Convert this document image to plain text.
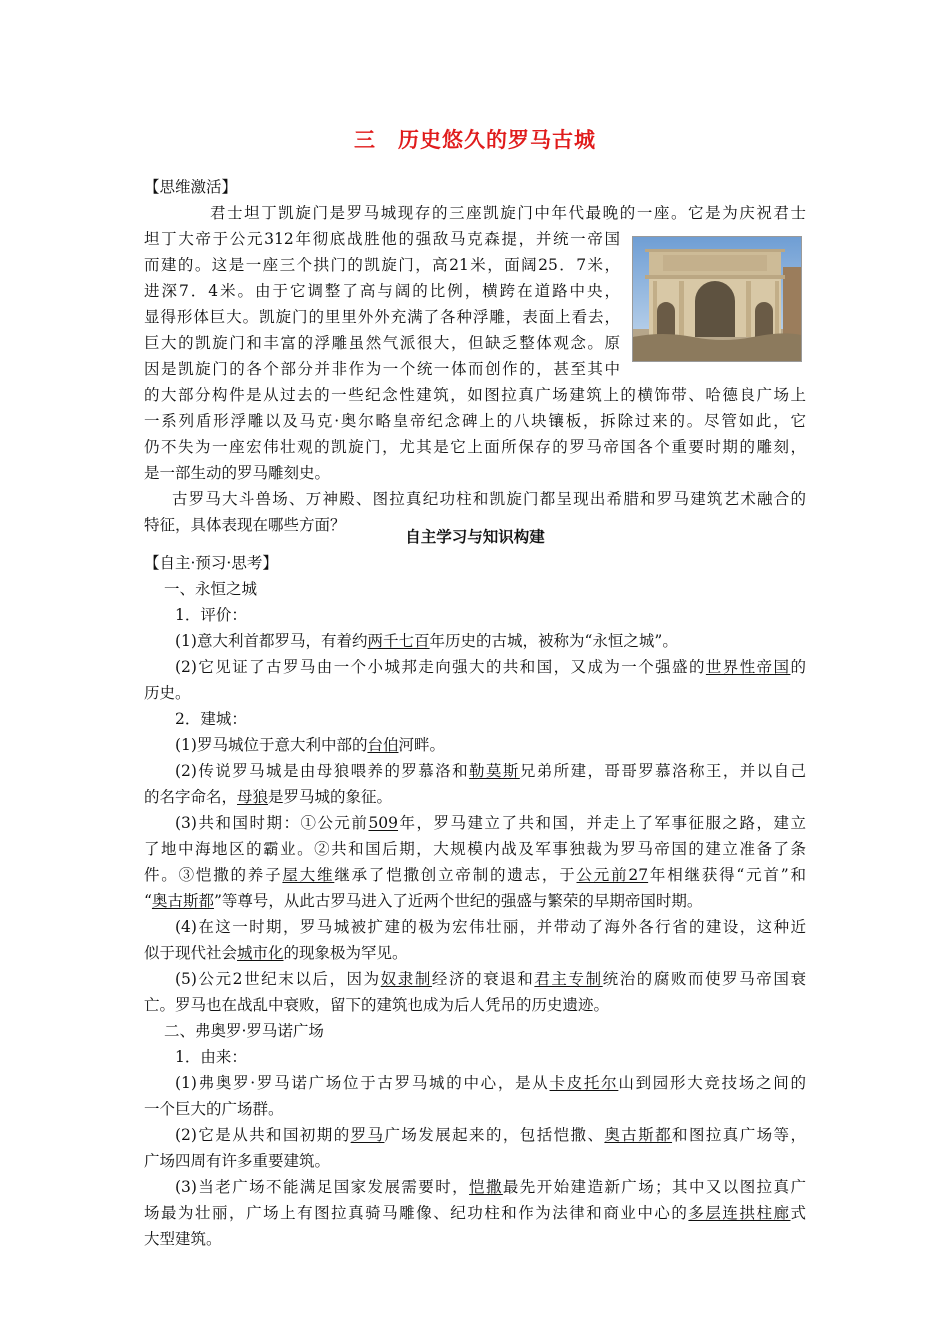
三　历史悠久的罗马古城
【思维激活】
君士坦丁凯旋门是罗马城现存的三座凯旋门中年代最晚的一座。它是为庆祝君士
坦丁大帝于公元312年彻底战胜他的强敌马克森提，并统一帝国
而建的。这是一座三个拱门的凯旋门，高21米，面阔25．7米，
进深7．4米。由于它调整了高与阔的比例，横跨在道路中央，
显得形体巨大。凯旋门的里里外外充满了各种浮雕，表面上看去，
巨大的凯旋门和丰富的浮雕虽然气派很大，但缺乏整体观念。原
因是凯旋门的各个部分并非作为一个统一体而创作的，甚至其中
的大部分构件是从过去的一些纪念性建筑，如图拉真广场建筑上的横饰带、哈德良广场上
一系列盾形浮雕以及马克·奥尔略皇帝纪念碑上的八块镶板，拆除过来的。尽管如此，它
仍不失为一座宏伟壮观的凯旋门，尤其是它上面所保存的罗马帝国各个重要时期的雕刻，
是一部生动的罗马雕刻史。
古罗马大斗兽场、万神殿、图拉真纪功柱和凯旋门都呈现出希腊和罗马建筑艺术融合的
特征，具体表现在哪些方面？
自主学习与知识构建
【自主·预习·思考】
一、永恒之城
1．评价：
(1)意大利首都罗马，有着约两千七百年历史的古城，被称为“永恒之城”。
(2)它见证了古罗马由一个小城邦走向强大的共和国，又成为一个强盛的世界性帝国的
历史。
2．建城：
(1)罗马城位于意大利中部的台伯河畔。
(2)传说罗马城是由母狼喂养的罗慕洛和勒莫斯兄弟所建，哥哥罗慕洛称王，并以自己
的名字命名，母狼是罗马城的象征。
(3)共和国时期：①公元前509年，罗马建立了共和国，并走上了军事征服之路，建立
了地中海地区的霸业。②共和国后期，大规模内战及军事独裁为罗马帝国的建立准备了条
件。③恺撒的养子屋大维继承了恺撒创立帝制的遗志，于公元前27年相继获得“元首”和
“奥古斯都”等尊号，从此古罗马进入了近两个世纪的强盛与繁荣的早期帝国时期。
(4)在这一时期，罗马城被扩建的极为宏伟壮丽，并带动了海外各行省的建设，这种近
似于现代社会城市化的现象极为罕见。
(5)公元2世纪末以后，因为奴隶制经济的衰退和君主专制统治的腐败而使罗马帝国衰
亡。罗马也在战乱中衰败，留下的建筑也成为后人凭吊的历史遗迹。
二、弗奥罗·罗马诺广场
1．由来：
(1)弗奥罗·罗马诺广场位于古罗马城的中心，是从卡皮托尔山到园形大竞技场之间的
一个巨大的广场群。
(2)它是从共和国初期的罗马广场发展起来的，包括恺撒、奥古斯都和图拉真广场等，
广场四周有许多重要建筑。
(3)当老广场不能满足国家发展需要时，恺撒最先开始建造新广场；其中又以图拉真广
场最为壮丽，广场上有图拉真骑马雕像、纪功柱和作为法律和商业中心的多层连拱柱廊式
大型建筑。
